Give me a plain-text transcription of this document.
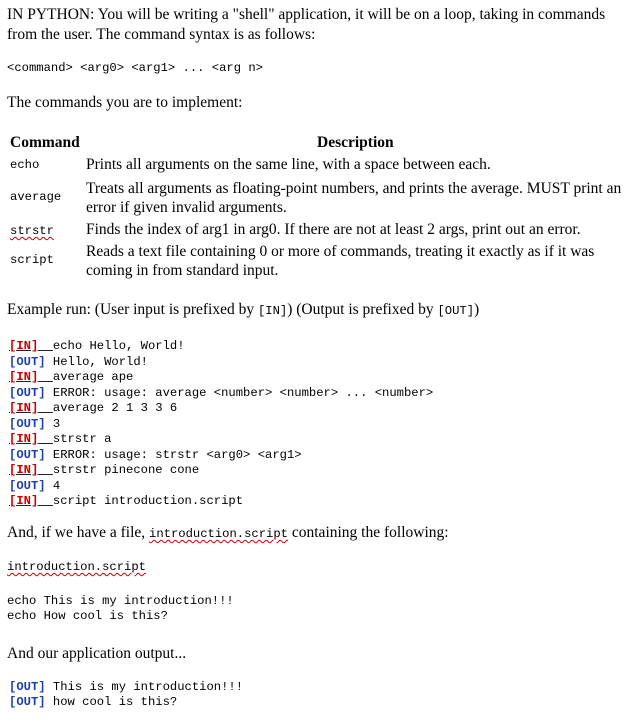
IN PYTHON: You will be writing a "shell" application, it will be on a loop, taking in commands from the user. The command syntax is as follows:
<command> <arg0> <arg1> ... <arg n>
The commands you are to implement:
Command	Description
echo	Prints all arguments on the same line, with a space between each.
average Treats all arguments as floating-point numbers, and prints the average. MUST print an error if given invalid arguments.
strstr Finds the index of arg1 in arg0. If there are not at least 2 args, print out an error.
script Reads a text file containing 0 or more of commands, treating it exactly as if it was coming in from standard input.
Example run: (User input is prefixed by [IN]) (Output is prefixed by [OUT])
[IN] echo Hello, World!
[OUT] Hello, World!
[IN] average ape
[OUT] ERROR: usage: average <number> <number> ... <number>
[IN] average 2 1 3 3 6
[OUT] 3
[IN] strstr a
[OUT] ERROR: usage: strstr <arg0> <arg1>
[IN] strstr pinecone cone
[OUT] 4
[IN] script introduction.script
And, if we have a file, introduction.script containing the following:
introduction.script
echo This is my introduction!!!
echo How cool is this?
And our application output...
[OUT] This is my introduction!!!
[OUT] how cool is this?
